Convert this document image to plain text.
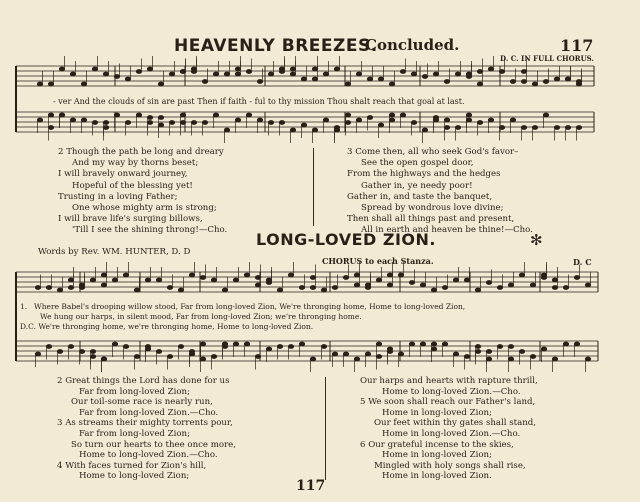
HEAVENLY BREEZES.
Concluded.	117
D. C. IN FULL CHORUS.
- ver And the clouds of sin are past Then if faith - ful to thy mission Thou shalt reach that goal at last.
2 Though the path be long and dreary
And my way by thorns beset;
I will bravely onward journey,
Hopeful of the blessing yet!
Trusting in a loving Father;
One whose mighty arm is strong;
I will brave life's surging billows,
'Till I see the shining throng!—Cho.
3 Come then, all who seek God's favor–
See the open gospel door,
From the highways and the hedges
Gather in, ye needy poor!
Gather in, and taste the banquet,
Spread by wondrous love divine;
Then shall all things past and present,
All in earth and heaven be thine!—Cho.
Words by Rev. WM. HUNTER, D. D
LONG-LOVED ZION.	✻
CHORUS to each Stanza.	D. C
1. Where Babel's drooping willow stood, Far from long-loved Zion, We're thronging home, Home to long-loved Zion,
We hung our harps, in silent mood, Far from long-loved Zion; we're thronging home.
D.C. We're thronging home, we're thronging home, Home to long-loved Zion.
2 Great things the Lord has done for us
Far from long-loved Zion;
Our toil-some race is nearly run,
Far from long-loved Zion.—Cho.
3 As streams their mighty torrents pour,
Far from long-loved Zion;
So turn our hearts to thee once more,
Home to long-loved Zion.—Cho.
4 With faces turned for Zion's hill,
Home to long-loved Zion;
Our harps and hearts with rapture thrill,
Home to long-loved Zion.—Cho.
5 We soon shall reach our Father's land,
Home in long-loved Zion;
Our feet within thy gates shall stand,
Home in long-loved Zion.—Cho.
6 Our grateful incense to the skies,
Home in long-loved Zion;
Mingled with holy songs shall rise,
Home in long-loved Zion.
117
